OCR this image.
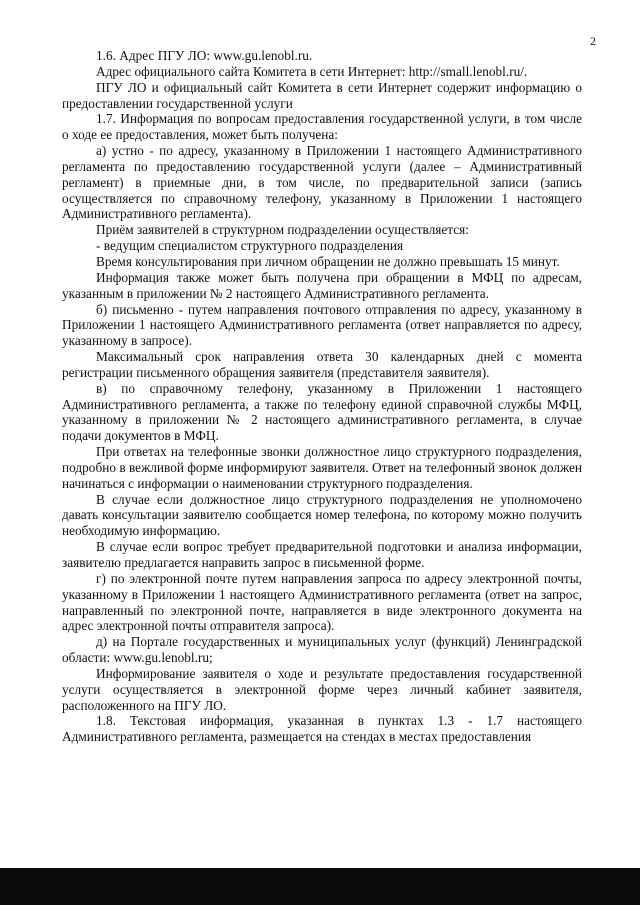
2

1.6. Адрес ПГУ ЛО: www.gu.lenobl.ru.

Адрес официального сайта Комитета в сети Интернет: http://small.lenobl.ru/.

ПГУ ЛО и официальный сайт Комитета в сети Интернет содержит информацию о предоставлении государственной услуги

1.7. Информация по вопросам предоставления государственной услуги, в том числе о ходе ее предоставления, может быть получена:

а) устно - по адресу, указанному в Приложении 1 настоящего Административного регламента по предоставлению государственной услуги (далее – Административный регламент) в приемные дни, в том числе, по предварительной записи (запись осуществляется по справочному телефону, указанному в Приложении 1 настоящего Административного регламента).

Приём заявителей в структурном подразделении осуществляется:

- ведущим специалистом структурного подразделения

Время консультирования при личном обращении не должно превышать 15 минут.

Информация также может быть получена при обращении в МФЦ по адресам, указанным в приложении № 2 настоящего Административного регламента.

б) письменно - путем направления почтового отправления по адресу, указанному в Приложении 1 настоящего Административного регламента (ответ направляется по адресу, указанному в запросе).

Максимальный срок направления ответа 30 календарных дней с момента регистрации письменного обращения заявителя (представителя заявителя).

в) по справочному телефону, указанному в Приложении 1 настоящего Административного регламента, а также по телефону единой справочной службы МФЦ, указанному в приложении № 2 настоящего административного регламента, в случае подачи документов в МФЦ.

При ответах на телефонные звонки должностное лицо структурного подразделения, подробно в вежливой форме информируют заявителя. Ответ на телефонный звонок должен начинаться с информации о наименовании структурного подразделения.

В случае если должностное лицо структурного подразделения не уполномочено давать консультации заявителю сообщается номер телефона, по которому можно получить необходимую информацию.

В случае если вопрос требует предварительной подготовки и анализа информации, заявителю предлагается направить запрос в письменной форме.

г) по электронной почте путем направления запроса по адресу электронной почты, указанному в Приложении 1 настоящего Административного регламента (ответ на запрос, направленный по электронной почте, направляется в виде электронного документа на адрес электронной почты отправителя запроса).

д) на Портале государственных и муниципальных услуг (функций) Ленинградской области: www.gu.lenobl.ru;

Информирование заявителя о ходе и результате предоставления государственной услуги осуществляется в электронной форме через личный кабинет заявителя, расположенного на ПГУ ЛО.

1.8. Текстовая информация, указанная в пунктах 1.3 - 1.7 настоящего Административного регламента, размещается на стендах в местах предоставления
